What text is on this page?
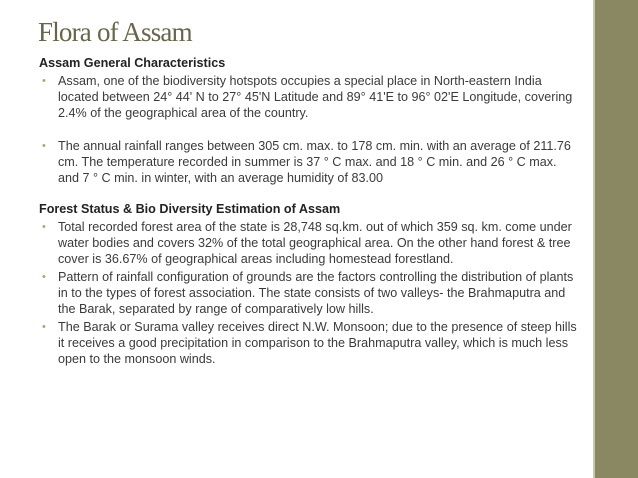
Flora of Assam
Assam General Characteristics
• Assam, one of the biodiversity hotspots occupies a special place in North-eastern India located between 24° 44' N to 27° 45'N Latitude and 89° 41'E to 96° 02'E Longitude, covering 2.4% of the geographical area of the country.
• The annual rainfall ranges between 305 cm. max. to 178 cm. min. with an average of 211.76 cm. The temperature recorded in summer is 37 ° C max. and 18 ° C min. and 26 ° C max. and 7 ° C min. in winter, with an average humidity of 83.00
Forest Status & Bio Diversity Estimation of Assam
• Total recorded forest area of the state is 28,748 sq.km. out of which 359 sq. km. come under water bodies and covers 32% of the total geographical area. On the other hand forest & tree cover is 36.67% of geographical areas including homestead forestland.
• Pattern of rainfall configuration of grounds are the factors controlling the distribution of plants in to the types of forest association. The state consists of two valleys- the Brahmaputra and the Barak, separated by range of comparatively low hills.
• The Barak or Surama valley receives direct N.W. Monsoon; due to the presence of steep hills it receives a good precipitation in comparison to the Brahmaputra valley, which is much less open to the monsoon winds.
